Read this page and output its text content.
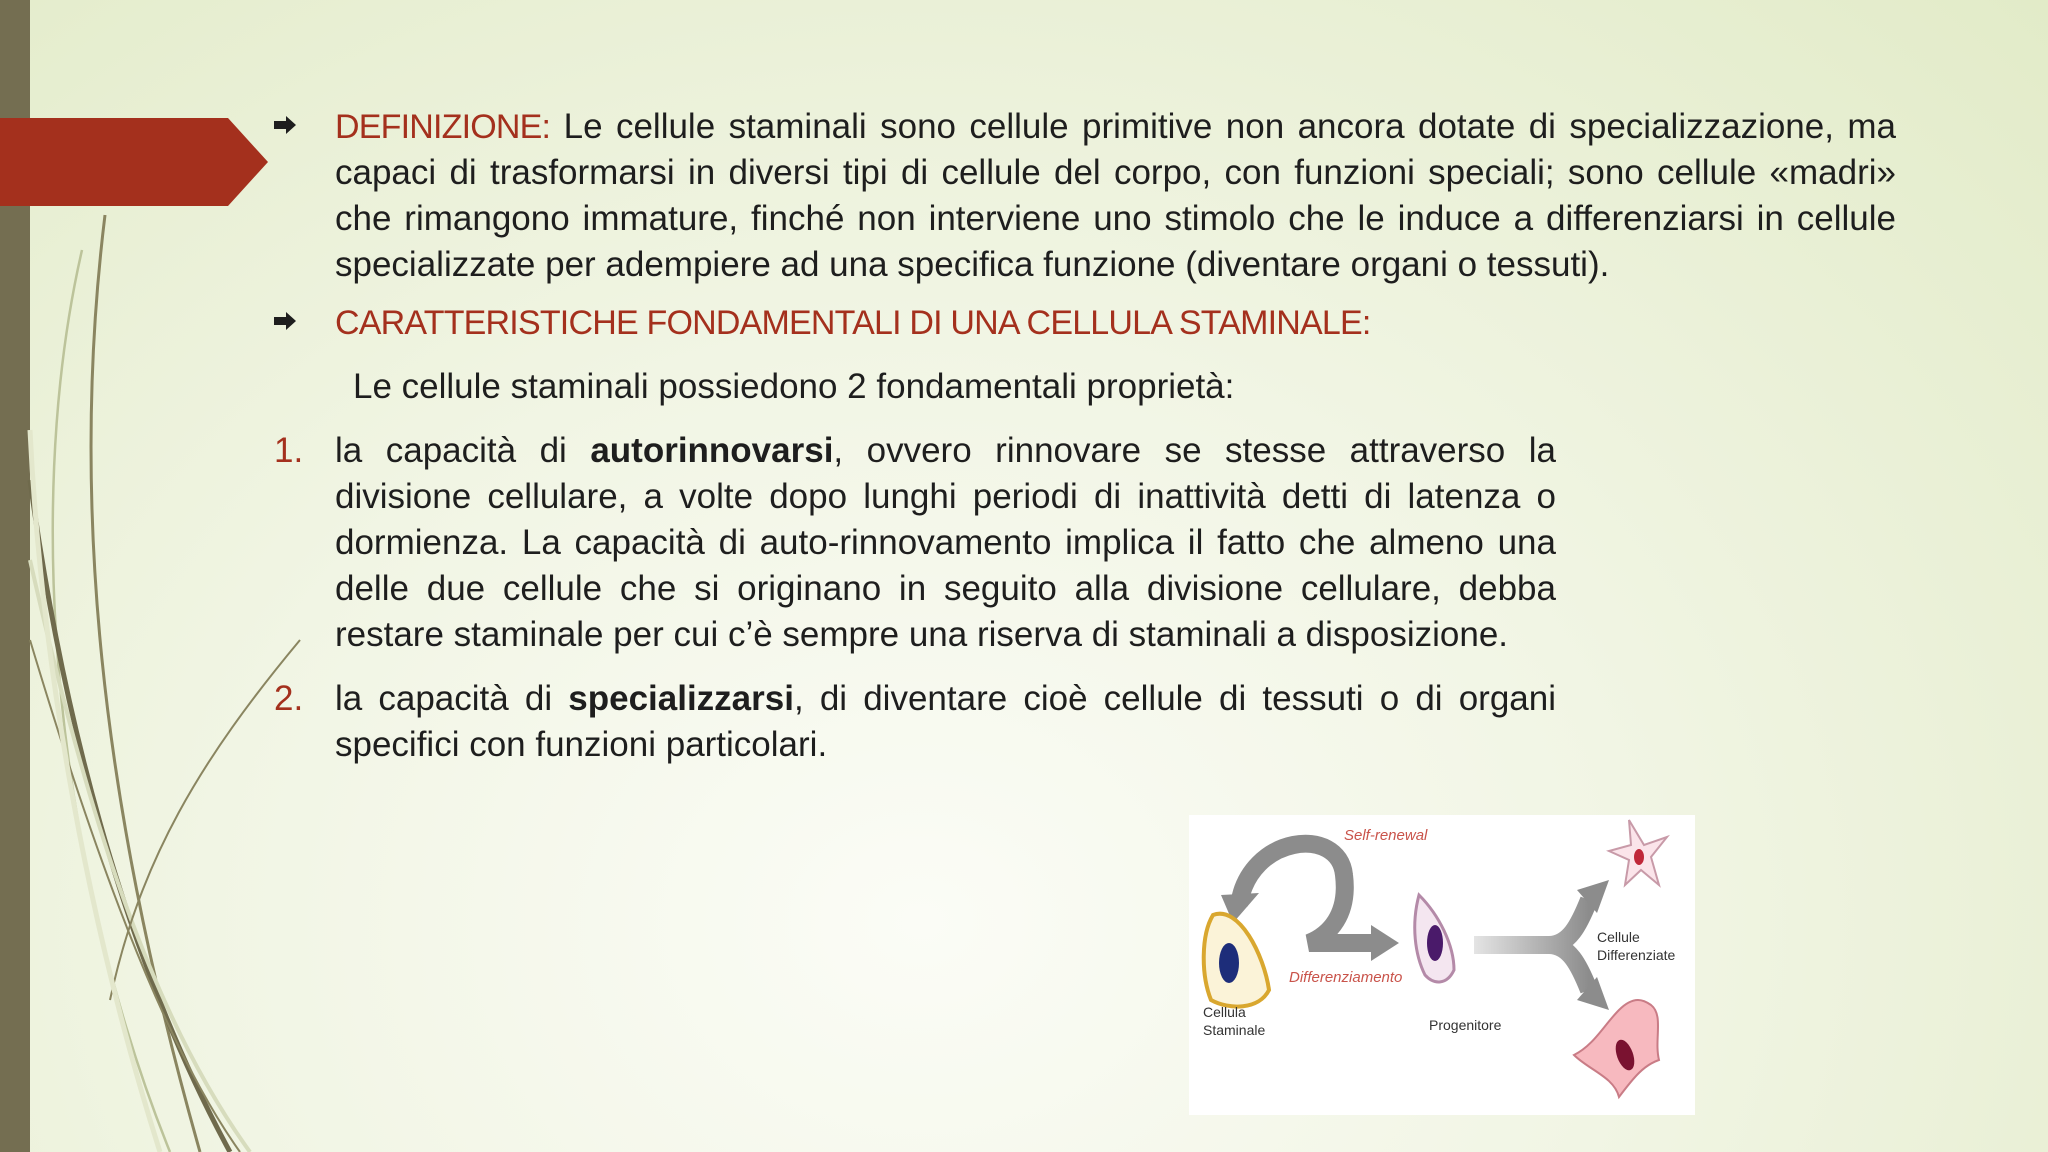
DEFINIZIONE: Le cellule staminali sono cellule primitive non ancora dotate di specializzazione, ma capaci di trasformarsi in diversi tipi di cellule del corpo, con funzioni speciali; sono cellule «madri» che rimangono immature, finché non interviene uno stimolo che le induce a differenziarsi in cellule specializzate per adempiere ad una specifica funzione (diventare organi o tessuti).

CARATTERISTICHE FONDAMENTALI DI UNA CELLULA STAMINALE:

Le cellule staminali possiedono 2 fondamentali proprietà:

1. la capacità di autorinnovarsi, ovvero rinnovare se stesse attraverso la divisione cellulare, a volte dopo lunghi periodi di inattività detti di latenza o dormienza. La capacità di auto-rinnovamento implica il fatto che almeno una delle due cellule che si originano in seguito alla divisione cellulare, debba restare staminale per cui c’è sempre una riserva di staminali a disposizione.

2. la capacità di specializzarsi, di diventare cioè cellule di tessuti o di organi specifici con funzioni particolari.

Self-renewal
Cellula
Staminale
Differenziamento
Progenitore
Cellule
Differenziate
